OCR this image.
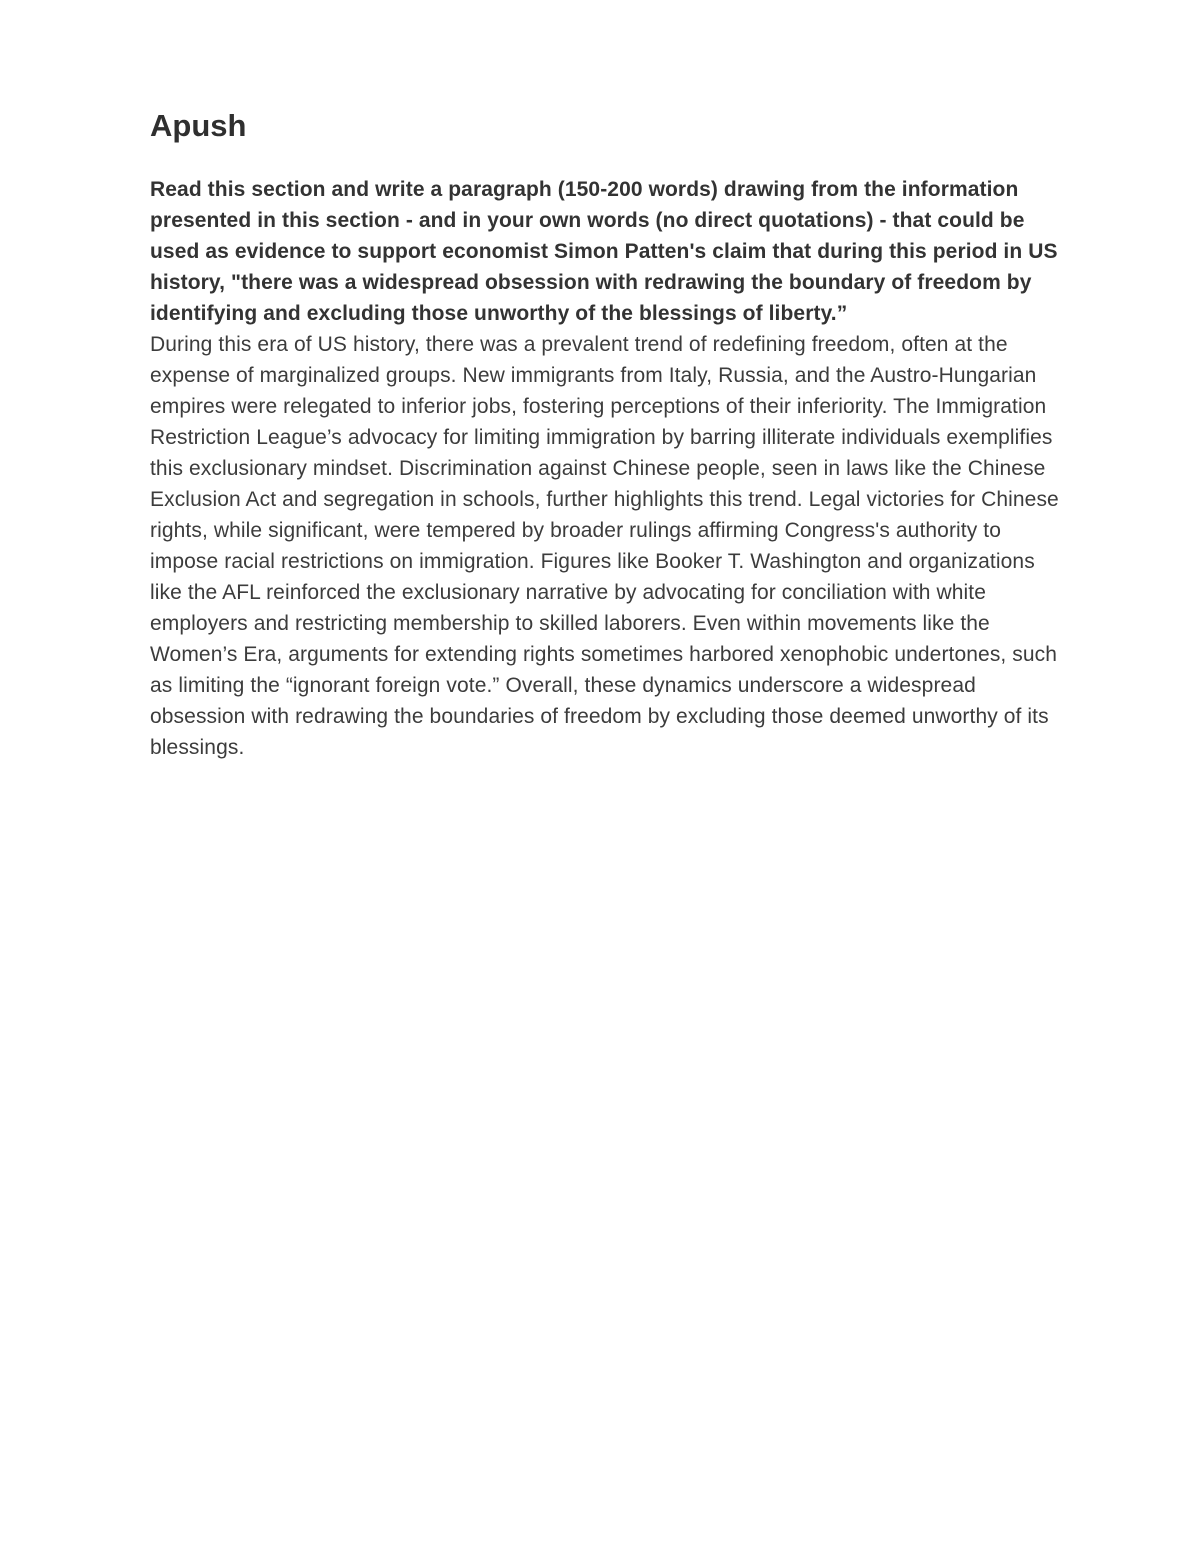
Apush

Read this section and write a paragraph (150-200 words) drawing from the information presented in this section - and in your own words (no direct quotations) - that could be used as evidence to support economist Simon Patten's claim that during this period in US history, "there was a widespread obsession with redrawing the boundary of freedom by identifying and excluding those unworthy of the blessings of liberty.”

During this era of US history, there was a prevalent trend of redefining freedom, often at the expense of marginalized groups. New immigrants from Italy, Russia, and the Austro-Hungarian empires were relegated to inferior jobs, fostering perceptions of their inferiority. The Immigration Restriction League’s advocacy for limiting immigration by barring illiterate individuals exemplifies this exclusionary mindset. Discrimination against Chinese people, seen in laws like the Chinese Exclusion Act and segregation in schools, further highlights this trend. Legal victories for Chinese rights, while significant, were tempered by broader rulings affirming Congress's authority to impose racial restrictions on immigration. Figures like Booker T. Washington and organizations like the AFL reinforced the exclusionary narrative by advocating for conciliation with white employers and restricting membership to skilled laborers. Even within movements like the Women’s Era, arguments for extending rights sometimes harbored xenophobic undertones, such as limiting the “ignorant foreign vote.” Overall, these dynamics underscore a widespread obsession with redrawing the boundaries of freedom by excluding those deemed unworthy of its blessings.
